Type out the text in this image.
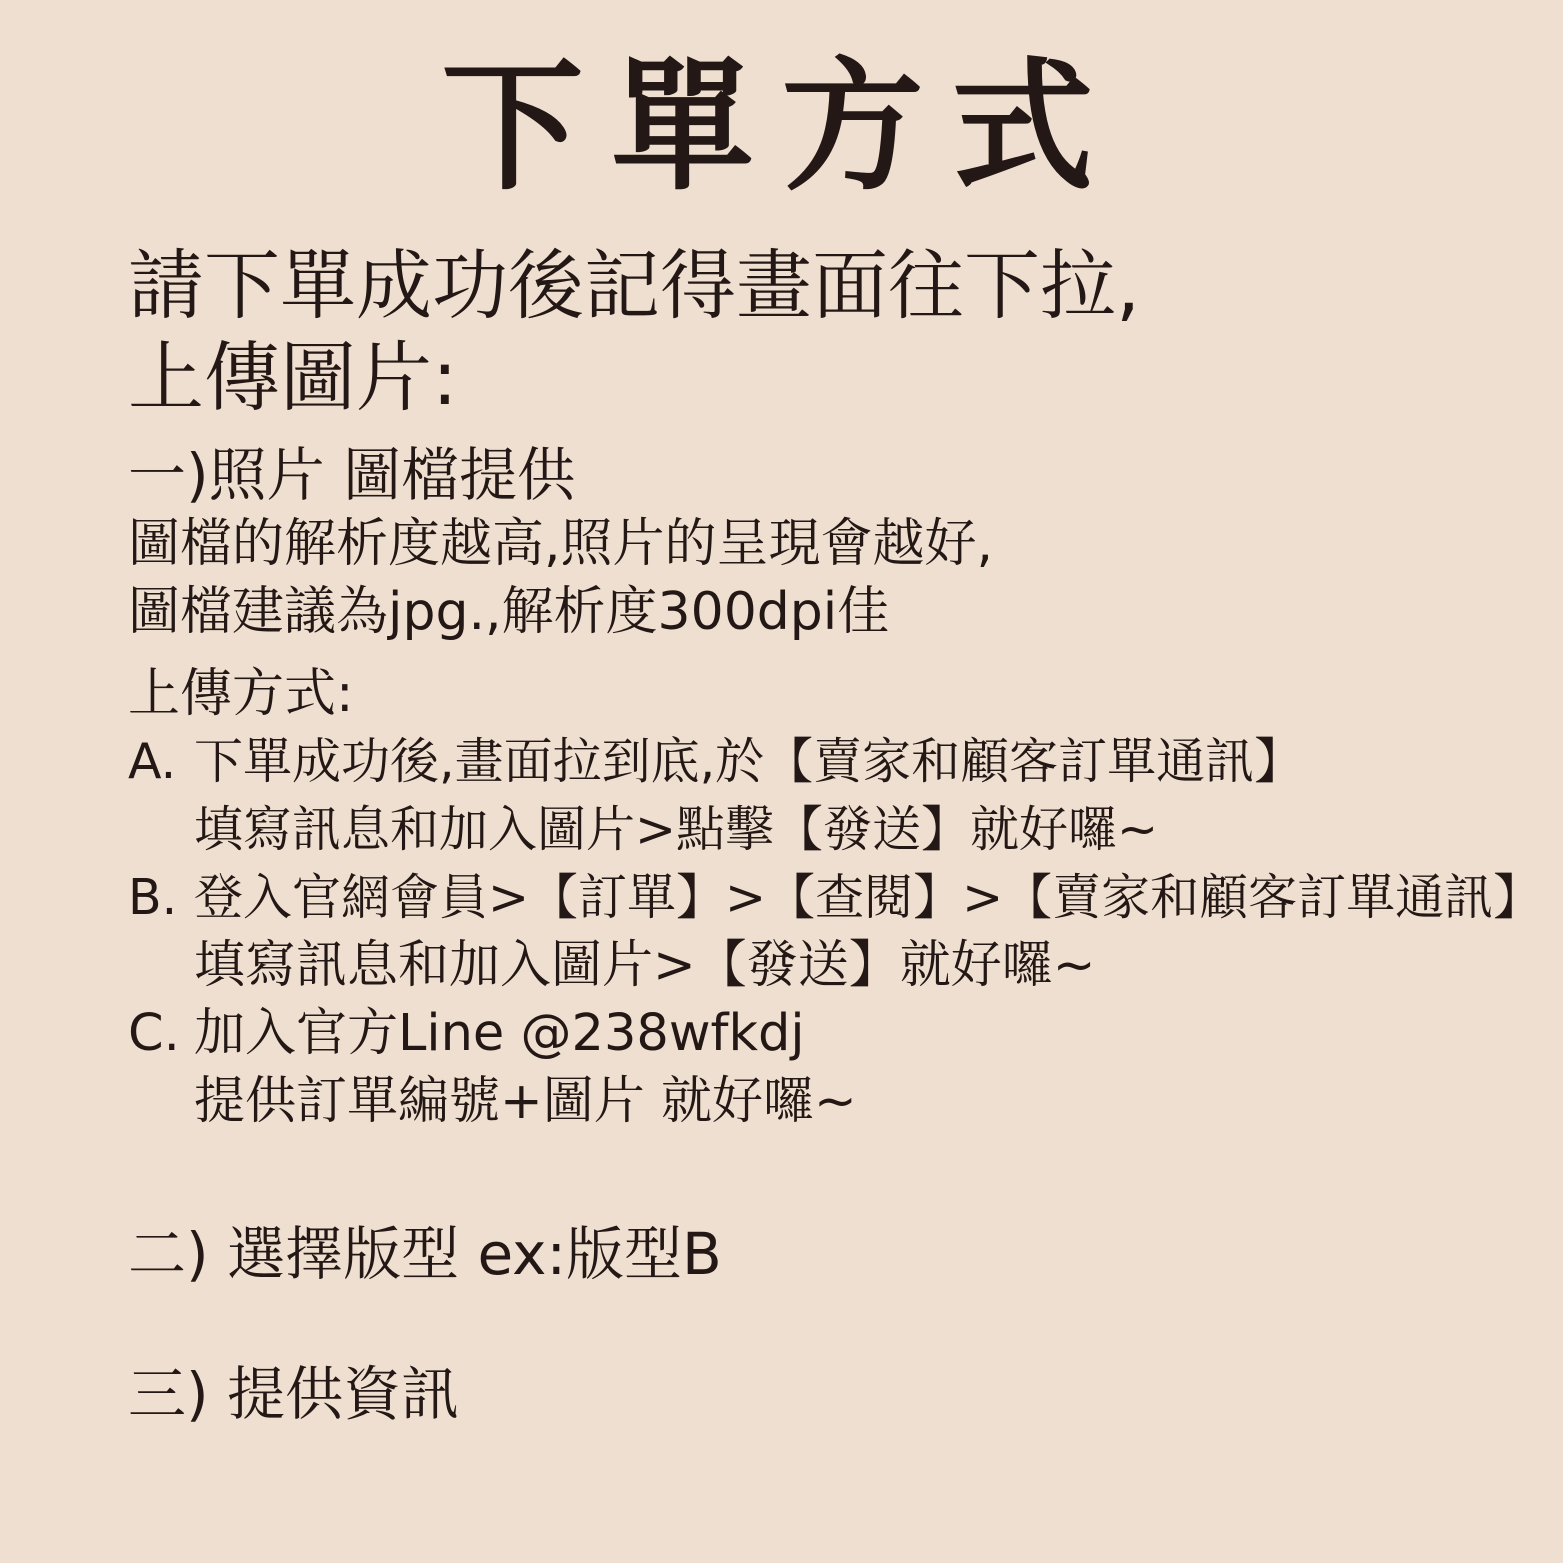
下單方式
請下單成功後記得畫面往下拉,
上傳圖片:
一)照片 圖檔提供
圖檔的解析度越高,照片的呈現會越好,
圖檔建議為jpg.,解析度300dpi佳
上傳方式:
A. 下單成功後,畫面拉到底,於【賣家和顧客訂單通訊】
填寫訊息和加入圖片>點擊【發送】就好囉~
B. 登入官網會員>【訂單】>【查閱】>【賣家和顧客訂單通訊】
填寫訊息和加入圖片>【發送】就好囉~
C. 加入官方Line @238wfkdj
提供訂單編號+圖片 就好囉~
二) 選擇版型 ex:版型B
三) 提供資訊
